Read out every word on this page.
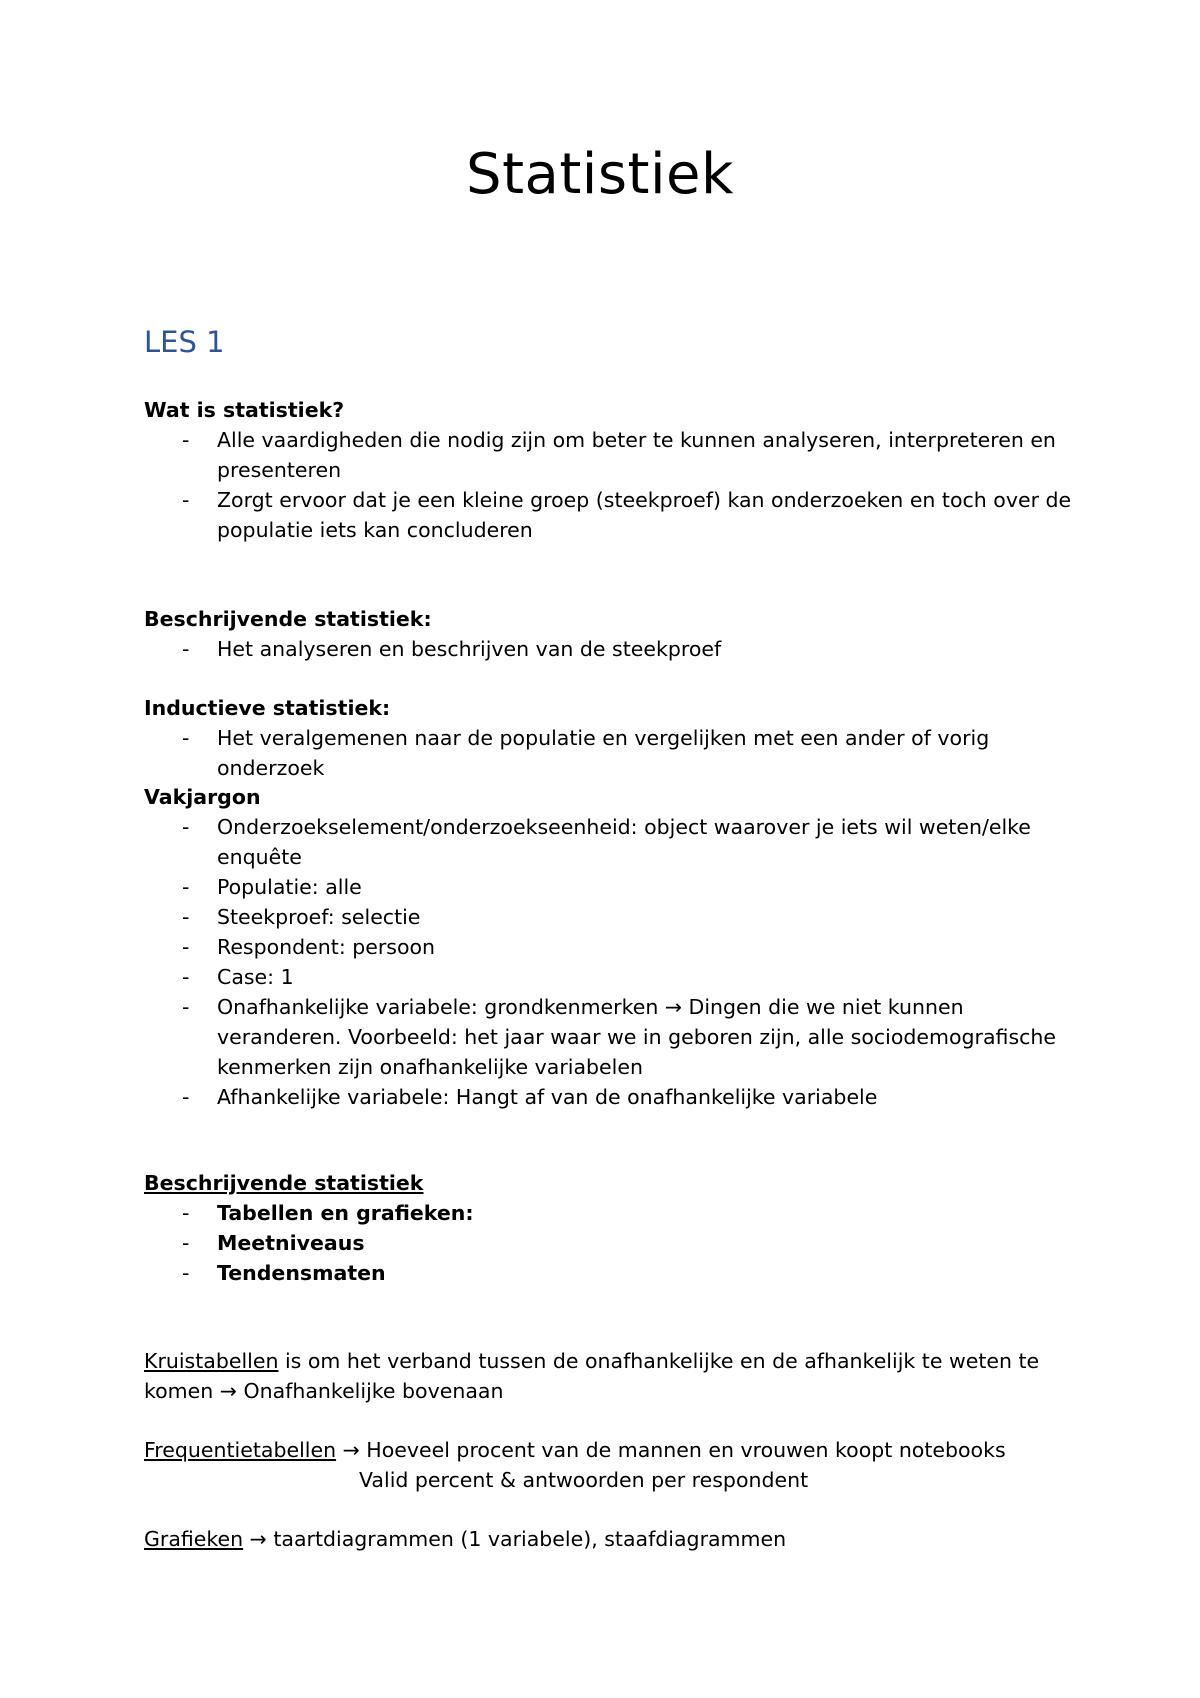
Statistiek
LES 1
Wat is statistiek?
- Alle vaardigheden die nodig zijn om beter te kunnen analyseren, interpreteren en presenteren
- Zorgt ervoor dat je een kleine groep (steekproef) kan onderzoeken en toch over de populatie iets kan concluderen
Beschrijvende statistiek:
- Het analyseren en beschrijven van de steekproef
Inductieve statistiek:
- Het veralgemenen naar de populatie en vergelijken met een ander of vorig onderzoek
Vakjargon
- Onderzoekselement/onderzoekseenheid: object waarover je iets wil weten/elke enquête
- Populatie: alle
- Steekproef: selectie
- Respondent: persoon
- Case: 1
- Onafhankelijke variabele: grondkenmerken → Dingen die we niet kunnen veranderen. Voorbeeld: het jaar waar we in geboren zijn, alle sociodemografische kenmerken zijn onafhankelijke variabelen
- Afhankelijke variabele: Hangt af van de onafhankelijke variabele
Beschrijvende statistiek
- Tabellen en grafieken:
- Meetniveaus
- Tendensmaten
Kruistabellen is om het verband tussen de onafhankelijke en de afhankelijk te weten te komen → Onafhankelijke bovenaan
Frequentietabellen → Hoeveel procent van de mannen en vrouwen koopt notebooks
Valid percent & antwoorden per respondent
Grafieken → taartdiagrammen (1 variabele), staafdiagrammen
